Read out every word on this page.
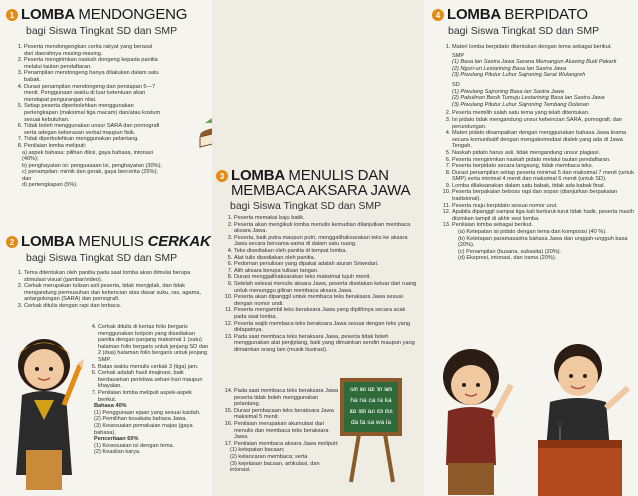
1 LOMBA MENDONGENG
bagi Siswa Tingkat SD dan SMP
1. Peserta mendongengkan cerita rakyat yang berasal dari daerahnya masing-masing.
2. Peserta mengirimkan naskah dongeng kepada panitia melalui tautan pendaftaran.
3. Penampilan mendongeng hanya dilakukan dalam satu babak.
4. Durasi penampilan mendongeng dan persiapan 5—7 menit. Penggunaan waktu di luar ketentuan akan mendapat pengurangan nilai.
5. Setiap peserta diperbolehkan menggunakan perlengkapan (maksimal tiga macam) dan/atau kostum sesuai kebutuhan.
6. Tidak boleh menggunakan unsur SARA dan pornografi serta adegan kekerasan verbal maupun fisik.
7. Tidak diperbolehkan menggunakan pelantang.
8. Penilaian lomba meliputi:
a) aspek bahasa: pilihan diksi, gaya bahasa, intonasi (40%);
b) penghayatan isi: penguasaan isi, penghayatan (30%);
c) penampilan: mimik dan gerak, gaya bercerita (25%); dan
d) pertengkapan (5%).
2 LOMBA MENULIS CERKAK
bagi Siswa Tingkat SD dan SMP
1. Tema ditentukan oleh panitia pada saat lomba akan dimulai berupa stimulasi visual (gambar/video).
2. Cerkak merupakan tulisan asli peserta, tidak menjiplak, dan tidak mengandung permusuhan dan kebencian atas dasar suku, ras, agama, antargolongan (SARA) dan pornografi.
3. Cerkak ditulis dengan rapi dan terbaca.
4. Cerkak ditulis di kertas folio bergaris menggunakan bolpoin yang disediakan panitia dengan panjang maksimal 1 (satu) halaman folio bergaris untuk jenjang SD dan 2 (dua) halaman folio bergaris untuk jenjang SMP.
5. Batas waktu menulis cerkak 3 (tiga) jam.
6. Cerkak adalah hasil imajinasi, baik berdasarkan peristiwa sehari-hari maupun khayalan.
7. Penilaian lomba meliputi aspek-aspek berikut.
Bahasa 40%
(1) Penggunaan ejaan yang sesuai kaidah.
(2) Pemilihan kosakata bahasa Jawa.
(3) Kesesuaian pemakaian majas (gaya bahasa).
Penceritaan 60%
(1) Kesesuaian isi dengan tema.
(2) Keaslian karya.
3 LOMBA MENULIS DAN
MEMBACA AKSARA JAWA
bagi Siswa Tingkat SD dan SMP
1. Peserta memakai baju batik.
2. Peserta akan mengikuti lomba menulis kemudian dilanjutkan membaca aksara Jawa.
3. Peserta, baik putra maupun putri, menggalihaksarakan teks ke aksara Jawa secara bersama-sama di dalam satu ruang.
4. Teks disediakan oleh panitia di tempat lomba.
5. Alat tulis disediakan oleh panitia.
6. Pedoman penulisan yang dipakai adalah aturan Sriwedari.
7. Alih aksara berupa tulisan tangan.
8. Durasi menggalihaksarakan teks maksimal tujuh menit.
9. Setelah selesai menulis aksara Jawa, peserta diselakan keluar dari ruang untuk menunggu giliran membaca aksara Jawa.
10. Peserta akan dipanggil untuk membaca teks beraksara Jawa sesuai dengan nomor undi.
11. Peserta mengambil teks beraksara Jawa yang dipilihnya secara acak pada saat lomba.
12. Peserta wajib membaca teks beraksara Jawa sesuai dengan teks yang didapatnya.
13. Pada saat membaca teks beraksara Jawa, peserta tidak boleh menggunakan alat penjiplang, baik yang dimainkan sendiri maupun yang dimainkan orang lain (musik ilustrasi).
14. Pada saat membaca teks beraksara Jawa peserta tidak boleh menggunakan pelantang.
15. Durasi pembacaan teks beraksara Jawa maksimal 5 menit.
16. Penilaian merupakan akumulasi dari menulis dan membaca teks beraksara Jawa.
17. Penilaian membaca aksara Jawa meliputi:
(1) ketepatan bacaan;
(2) kelancaran membaca; serta
(3) kejelasan bacaan, artikulasi, dan intonasi.
ꦲ ꦤ ꦕ ꦫ ꦏ
ha na ca ra ka
ꦢ ꦠ ꦱ ꦮ ꦭ
da ta sa wa la
4 LOMBA BERPIDATO
bagi Siswa Tingkat SD dan SMP
1. Materi lomba berpidato ditentukan dengan tema sebagai berikut.
SMP
(1) Basa lan Sastra Jawa Sarana Memangun Aluwing Budi Pakarti
(2) Nguri-uri Lestarining Basa lan Sastra Jawa
(3) Piwulang Pitutur Luhur Sajroning Serat Wulangreh
SD
(1) Piwulang Sajroning Basa lan Sastra Jawa
(2) Pakulinan Becik Tumuju Lestarining Basa lan Sastra Jawa
(3) Piwulang Pitutur Luhur Sajroning Tembang Dolanan
2. Peserta memilih salah satu tema yang telah ditentukan.
3. Isi pidato tidak mengandung unsur kebencian SARA, pornografi, dan perundungan.
4. Materi pidato disampaikan dengan menggunakan bahasa Jawa krama secara komunikatif dengan mengakomodasi dialek yang ada di Jawa Tengah.
5. Naskah pidato harus asli, tidak mengandung unsur plagiasi.
6. Peserta mengirimkan naskah pidato melalui tautan pendaftaran.
7. Peserta berpidato secara langsung, tidak membaca teks.
8. Durasi penampilan setiap peserta minimal 5 dan maksimal 7 menit (untuk SMP) serta minimal 4 menit dan maksimal 6 menit (untuk SD).
9. Lomba dilaksanakan dalam satu babak, tidak ada babak final.
10. Peserta berpakaian beboss rapi dan sopan (dianjurkan berpakaian tradisional).
11. Peserta maju berpidato sesuai nomor urut.
12. Apabila dipanggil sampai tiga kali berturut-turut tidak hadir, peserta masih diizinkan tampil di akhir sesi lomba.
13. Penilaian lomba sebagai berikut.
(a) Ketepatan isi pidato dengan tema dan komposisi (40 %).
(b) Ketetapan paramasastra bahasa Jawa dan unggah-ungguh basa (20%).
(c) Penampilan (busana, subasita) (20%).
(d) Ekspresi, intonasi, dan irama (20%).
